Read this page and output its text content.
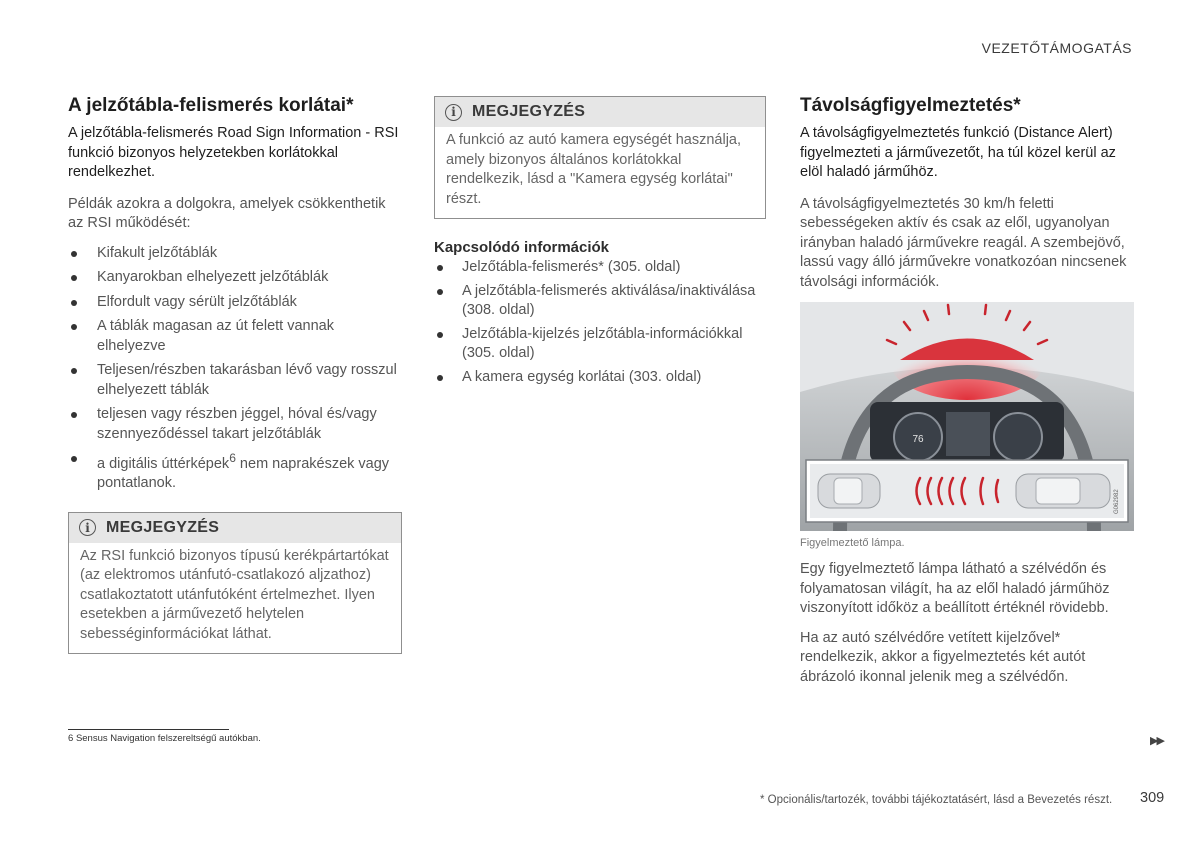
VEZETŐTÁMOGATÁS
A jelzőtábla-felismerés korlátai*

A jelzőtábla-felismerés Road Sign Information - RSI funkció bizonyos helyzetekben korlátokkal rendelkezhet.

Példák azokra a dolgokra, amelyek csökkenthetik az RSI működését:

Kifakult jelzőtáblák
Kanyarokban elhelyezett jelzőtáblák
Elfordult vagy sérült jelzőtáblák
A táblák magasan az út felett vannak elhelyezve
Teljesen/részben takarásban lévő vagy rosszul elhelyezett táblák
teljesen vagy részben jéggel, hóval és/vagy szennyeződéssel takart jelzőtáblák
a digitális úttérképek$^6$ nem naprakészek vagy pontatlanok.
i	MEGJEGYZÉS
Az RSI funkció bizonyos típusú kerékpártartókat (az elektromos utánfutó-csatlakozó aljzathoz) csatlakoztatott utánfutóként értelmezhet. Ilyen esetekben a járművezető helytelen sebességinformációkat láthat.
i	MEGJEGYZÉS
A funkció az autó kamera egységét használja, amely bizonyos általános korlátokkal rendelkezik, lásd a "Kamera egység korlátai" részt.
Kapcsolódó információk
Jelzőtábla-felismerés* (305. oldal)
A jelzőtábla-felismerés aktiválása/inaktiválása (308. oldal)
Jelzőtábla-kijelzés jelzőtábla-információkkal (305. oldal)
A kamera egység korlátai (303. oldal)
Távolságfigyelmeztetés*

A távolságfigyelmeztetés funkció (Distance Alert) figyelmezteti a járművezetőt, ha túl közel kerül az elöl haladó járműhöz.

A távolságfigyelmeztetés 30 km/h feletti sebességeken aktív és csak az elől, ugyanolyan irányban haladó járművekre reagál. A szembejövő, lassú vagy álló járművekre vonatkozóan nincsenek távolsági információk.

76
G062982
Figyelmeztető lámpa.

Egy figyelmeztető lámpa látható a szélvédőn és folyamatosan világít, ha az elől haladó járműhöz viszonyított időköz a beállított értéknél rövidebb.

Ha az autó szélvédőre vetített kijelzővel* rendelkezik, akkor a figyelmeztetés két autót ábrázoló ikonnal jelenik meg a szélvédőn.

6 Sensus Navigation felszereltségű autókban.	▶▶
* Opcionális/tartozék, további tájékoztatásért, lásd a Bevezetés részt. 309
